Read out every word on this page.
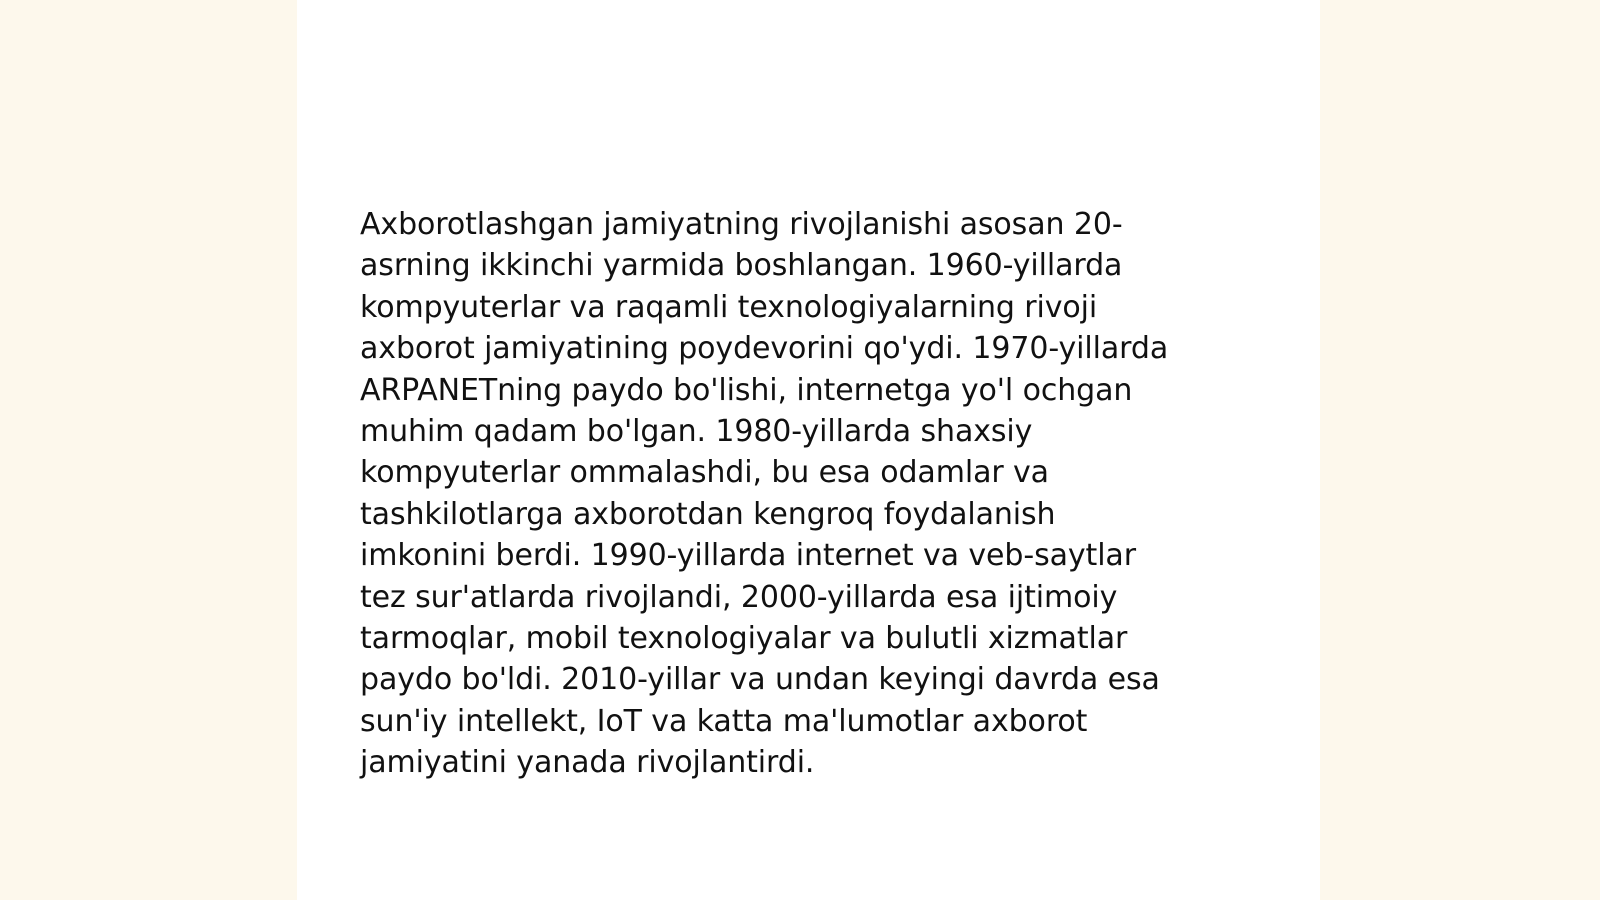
Axborotlashgan jamiyatning rivojlanishi asosan 20-
asrning ikkinchi yarmida boshlangan. 1960-yillarda
kompyuterlar va raqamli texnologiyalarning rivoji
axborot jamiyatining poydevorini qo'ydi. 1970-yillarda
ARPANETning paydo bo'lishi, internetga yo'l ochgan
muhim qadam bo'lgan. 1980-yillarda shaxsiy
kompyuterlar ommalashdi, bu esa odamlar va
tashkilotlarga axborotdan kengroq foydalanish
imkonini berdi. 1990-yillarda internet va veb-saytlar
tez sur'atlarda rivojlandi, 2000-yillarda esa ijtimoiy
tarmoqlar, mobil texnologiyalar va bulutli xizmatlar
paydo bo'ldi. 2010-yillar va undan keyingi davrda esa
sun'iy intellekt, IoT va katta ma'lumotlar axborot
jamiyatini yanada rivojlantirdi.
